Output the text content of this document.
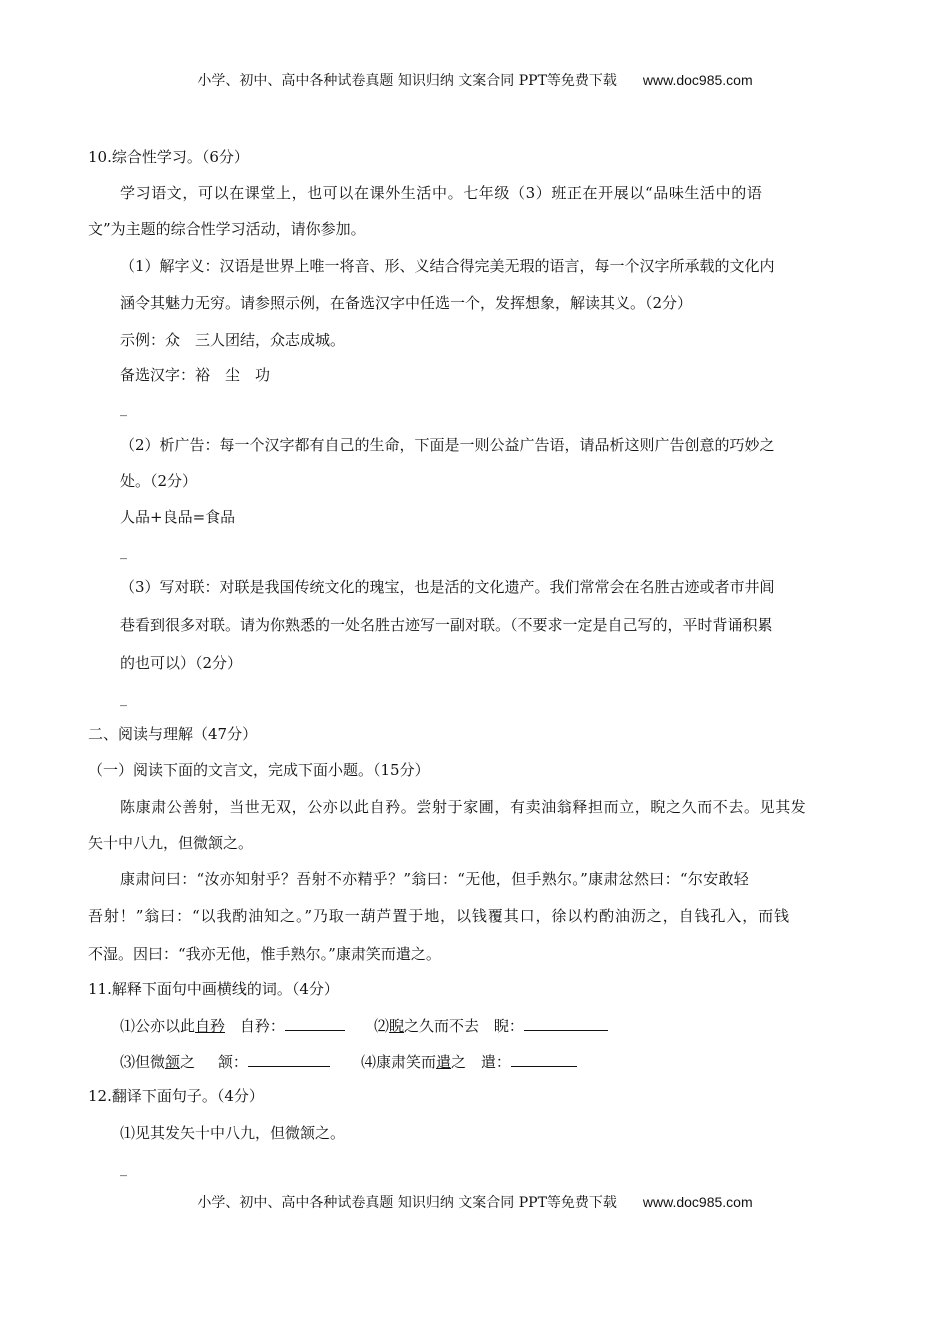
小学、初中、高中各种试卷真题 知识归纳 文案合同 PPT等免费下载 www.doc985.com
10.综合性学习。（6分）
学习语文，可以在课堂上，也可以在课外生活中。七年级（3）班正在开展以“品味生活中的语
文”为主题的综合性学习活动，请你参加。
（1）解字义：汉语是世界上唯一将音、形、义结合得完美无瑕的语言，每一个汉字所承载的文化内
涵令其魅力无穷。请参照示例，在备选汉字中任选一个，发挥想象，解读其义。（2分）
示例：众　三人团结，众志成城。
备选汉字：裕　尘　功
_
（2）析广告：每一个汉字都有自己的生命，下面是一则公益广告语，请品析这则广告创意的巧妙之
处。（2分）
人品+良品=食品
_
（3）写对联：对联是我国传统文化的瑰宝，也是活的文化遗产。我们常常会在名胜古迹或者市井闾
巷看到很多对联。请为你熟悉的一处名胜古迹写一副对联。（不要求一定是自己写的，平时背诵积累
的也可以）（2分）
_
二、阅读与理解（47分）
（一）阅读下面的文言文，完成下面小题。（15分）
陈康肃公善射，当世无双，公亦以此自矜。尝射于家圃，有卖油翁释担而立，睨之久而不去。见其发
矢十中八九，但微颔之。
康肃问曰：“汝亦知射乎？吾射不亦精乎？”翁曰：“无他，但手熟尔。”康肃忿然曰：“尔安敢轻
吾射！”翁曰：“以我酌油知之。”乃取一葫芦置于地，以钱覆其口，徐以杓酌油沥之，自钱孔入，而钱
不湿。因曰：“我亦无他，惟手熟尔。”康肃笑而遣之。
11.解释下面句中画横线的词。（4分）
⑴公亦以此自矜 自矜：	⑵睨之久而不去 睨：
⑶但微颔之 颔：	⑷康肃笑而遣之 遣：
12.翻译下面句子。（4分）
⑴见其发矢十中八九，但微颔之。
_
小学、初中、高中各种试卷真题 知识归纳 文案合同 PPT等免费下载 www.doc985.com
